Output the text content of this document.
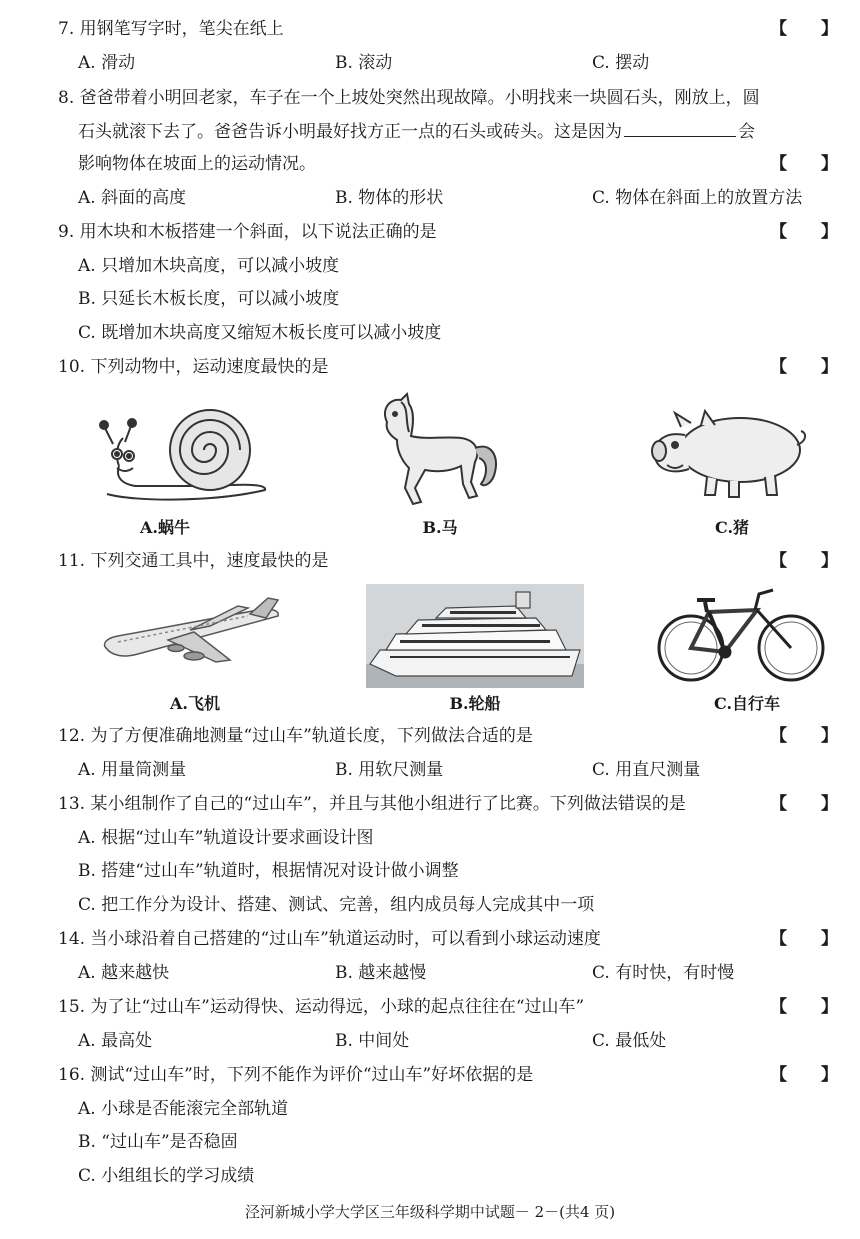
7. 用钢笔写字时，笔尖在纸上	【　　】
A. 滑动	B. 滚动	C. 摆动
8. 爸爸带着小明回老家，车子在一个上坡处突然出现故障。小明找来一块圆石头，刚放上，圆
石头就滚下去了。爸爸告诉小明最好找方正一点的石头或砖头。这是因为	会
影响物体在坡面上的运动情况。	【　　】
A. 斜面的高度	B. 物体的形状	C. 物体在斜面上的放置方法
9. 用木块和木板搭建一个斜面，以下说法正确的是	【　　】
A. 只增加木块高度，可以减小坡度
B. 只延长木板长度，可以减小坡度
C. 既增加木块高度又缩短木板长度可以减小坡度
10. 下列动物中，运动速度最快的是	【　　】
A.蜗牛	B.马	C.猪
11. 下列交通工具中，速度最快的是	【　　】
A.飞机	B.轮船	C.自行车
12. 为了方便准确地测量“过山车”轨道长度，下列做法合适的是	【　　】
A. 用量筒测量	B. 用软尺测量	C. 用直尺测量
13. 某小组制作了自己的“过山车”，并且与其他小组进行了比赛。下列做法错误的是	【　　】
A. 根据“过山车”轨道设计要求画设计图
B. 搭建“过山车”轨道时，根据情况对设计做小调整
C. 把工作分为设计、搭建、测试、完善，组内成员每人完成其中一项
14. 当小球沿着自己搭建的“过山车”轨道运动时，可以看到小球运动速度	【　　】
A. 越来越快	B. 越来越慢	C. 有时快，有时慢
15. 为了让“过山车”运动得快、运动得远，小球的起点往往在“过山车”	【　　】
A. 最高处	B. 中间处	C. 最低处
16. 测试“过山车”时，下列不能作为评价“过山车”好坏依据的是	【　　】
A. 小球是否能滚完全部轨道
B. “过山车”是否稳固
C. 小组组长的学习成绩
泾河新城小学大学区三年级科学期中试题－ 2－(共4 页)
